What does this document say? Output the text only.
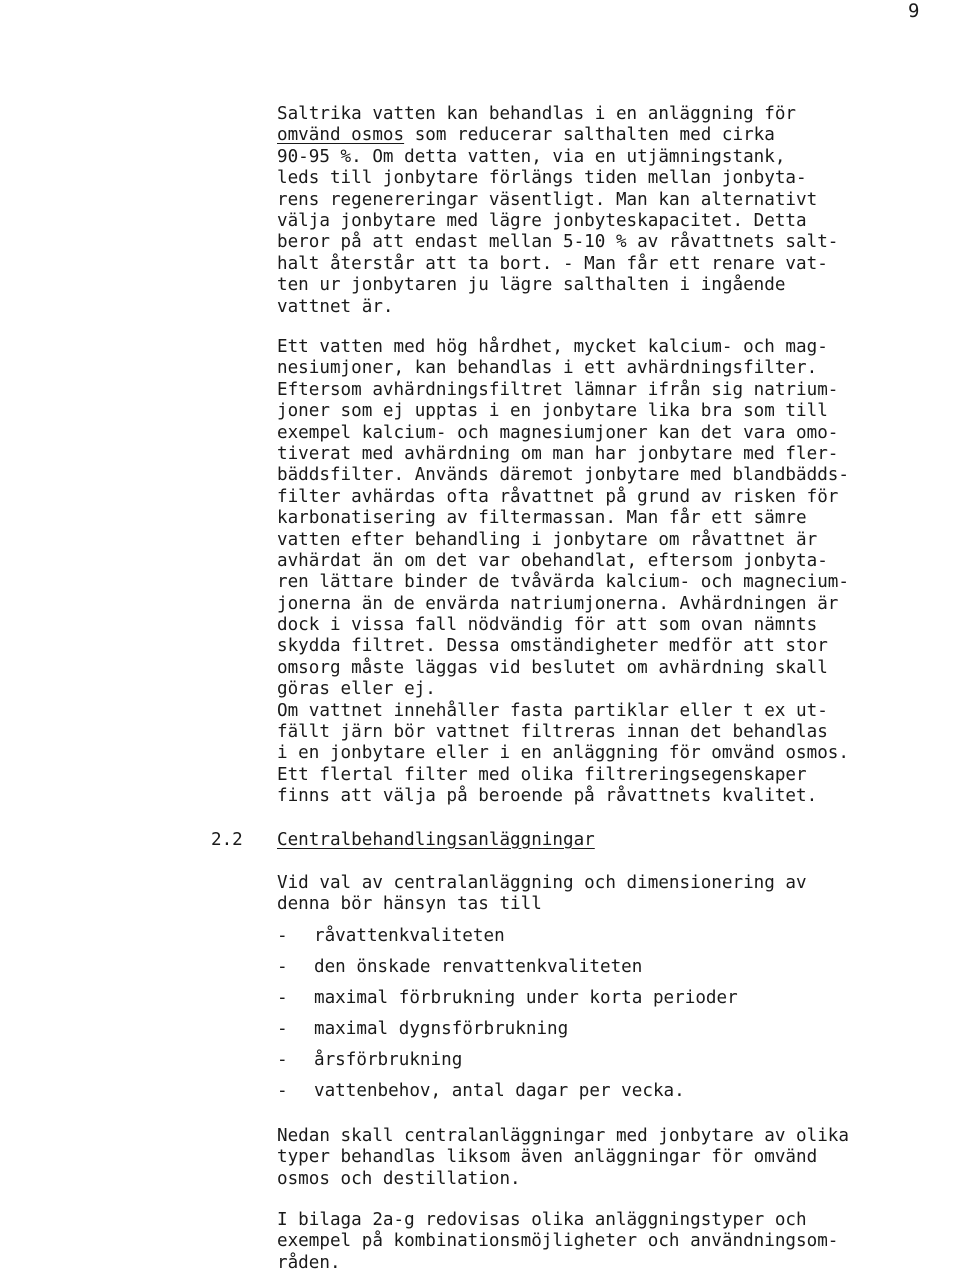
9
Saltrika vatten kan behandlas i en anläggning för
omvänd osmos som reducerar salthalten med cirka
90-95 %. Om detta vatten, via en utjämningstank,
leds till jonbytare förlängs tiden mellan jonbyta-
rens regenereringar väsentligt. Man kan alternativt
välja jonbytare med lägre jonbyteskapacitet. Detta
beror på att endast mellan 5-10 % av råvattnets salt-
halt återstår att ta bort. - Man får ett renare vat-
ten ur jonbytaren ju lägre salthalten i ingående
vattnet är.
Ett vatten med hög hårdhet, mycket kalcium- och mag-
nesiumjoner, kan behandlas i ett avhärdningsfilter.
Eftersom avhärdningsfiltret lämnar ifrån sig natrium-
joner som ej upptas i en jonbytare lika bra som till
exempel kalcium- och magnesiumjoner kan det vara omo-
tiverat med avhärdning om man har jonbytare med fler-
bäddsfilter. Används däremot jonbytare med blandbädds-
filter avhärdas ofta råvattnet på grund av risken för
karbonatisering av filtermassan. Man får ett sämre
vatten efter behandling i jonbytare om råvattnet är
avhärdat än om det var obehandlat, eftersom jonbyta-
ren lättare binder de tvåvärda kalcium- och magnecium-
jonerna än de envärda natriumjonerna. Avhärdningen är
dock i vissa fall nödvändig för att som ovan nämnts
skydda filtret. Dessa omständigheter medför att stor
omsorg måste läggas vid beslutet om avhärdning skall
göras eller ej.
Om vattnet innehåller fasta partiklar eller t ex ut-
fällt järn bör vattnet filtreras innan det behandlas
i en jonbytare eller i en anläggning för omvänd osmos.
Ett flertal filter med olika filtreringsegenskaper
finns att välja på beroende på råvattnets kvalitet.
2.2 Centralbehandlingsanläggningar
Vid val av centralanläggning och dimensionering av
denna bör hänsyn tas till
- råvattenkvaliteten
- den önskade renvattenkvaliteten
- maximal förbrukning under korta perioder
- maximal dygnsförbrukning
- årsförbrukning
- vattenbehov, antal dagar per vecka.
Nedan skall centralanläggningar med jonbytare av olika
typer behandlas liksom även anläggningar för omvänd
osmos och destillation.
I bilaga 2a-g redovisas olika anläggningstyper och
exempel på kombinationsmöjligheter och användningsom-
råden.
